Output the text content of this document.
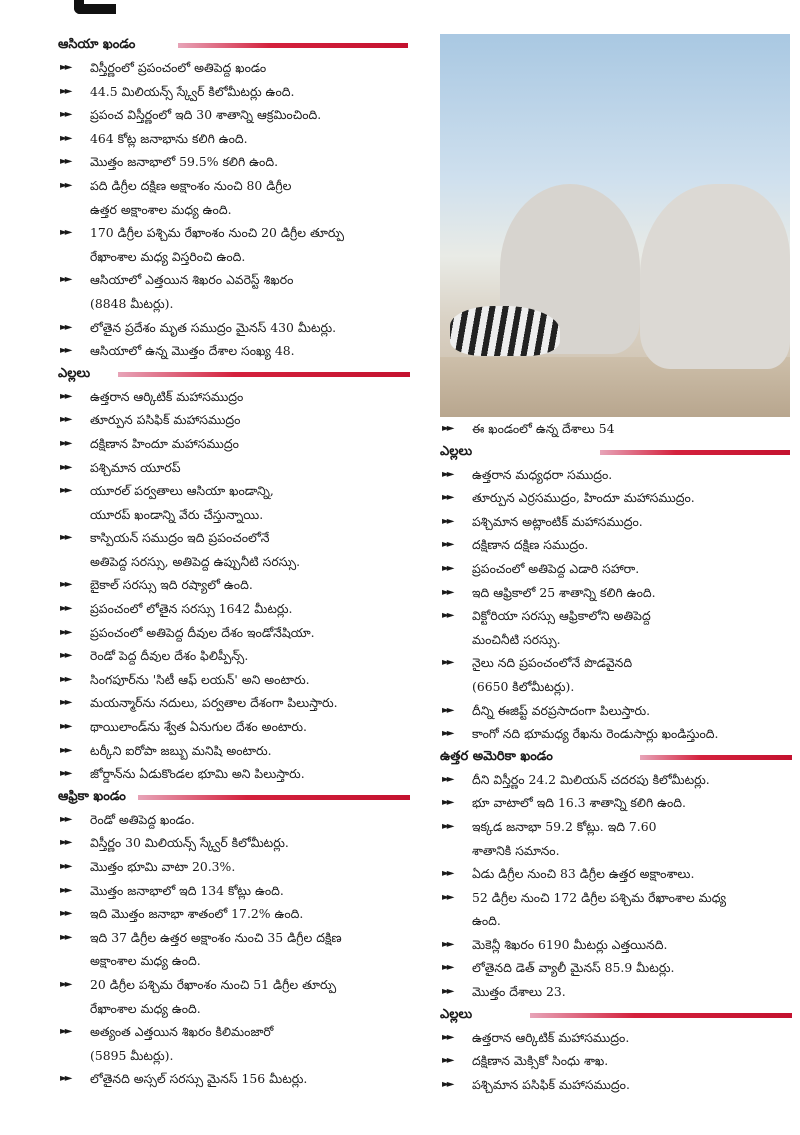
ఆసియా ఖండం
►► విస్తీర్ణంలో ప్రపంచంలో అతిపెద్ద ఖండం
►► 44.5 మిలియన్స్ స్క్వేర్ కిలోమీటర్లు ఉంది.
►► ప్రపంచ విస్తీర్ణంలో ఇది 30 శాతాన్ని ఆక్రమించింది.
►► 464 కోట్ల జనాభాను కలిగి ఉంది.
►► మొత్తం జనాభాలో 59.5% కలిగి ఉంది.
►► పది డిగ్రీల దక్షిణ అక్షాంశం నుంచి 80 డిగ్రీల
ఉత్తర అక్షాంశాల మధ్య ఉంది.
►► 170 డిగ్రీల పశ్చిమ రేఖాంశం నుంచి 20 డిగ్రీల తూర్పు
రేఖాంశాల మధ్య విస్తరించి ఉంది.
►► ఆసియాలో ఎత్తయిన శిఖరం ఎవరెస్ట్ శిఖరం
(8848 మీటర్లు).
►► లోతైన ప్రదేశం మృత సముద్రం మైనస్ 430 మీటర్లు.
►► ఆసియాలో ఉన్న మొత్తం దేశాల సంఖ్య 48.
ఎల్లలు
►► ఉత్తరాన ఆర్కిటిక్ మహాసముద్రం
►► తూర్పున పసిఫిక్ మహాసముద్రం
►► దక్షిణాన హిందూ మహాసముద్రం
►► పశ్చిమాన యూరప్
►► యూరల్ పర్వతాలు ఆసియా ఖండాన్ని,
యూరప్ ఖండాన్ని వేరు చేస్తున్నాయి.
►► కాస్పియన్ సముద్రం ఇది ప్రపంచంలోనే
అతిపెద్ద సరస్సు, అతిపెద్ద ఉప్పునీటి సరస్సు.
►► బైకాల్ సరస్సు ఇది రష్యాలో ఉంది.
►► ప్రపంచంలో లోతైన సరస్సు 1642 మీటర్లు.
►► ప్రపంచంలో అతిపెద్ద దీవుల దేశం ఇండోనేషియా.
►► రెండో పెద్ద దీవుల దేశం ఫిలిప్పీన్స్.
►► సింగపూర్‌ను 'సిటీ ఆఫ్ లయన్' అని అంటారు.
►► మయన్మార్‌ను నదులు, పర్వతాల దేశంగా పిలుస్తారు.
►► థాయిలాండ్‌ను శ్వేత ఏనుగుల దేశం అంటారు.
►► టర్కీని ఐరోపా జబ్బు మనిషి అంటారు.
►► జోర్డాన్‌ను ఏడుకొండల భూమి అని పిలుస్తారు.
ఆఫ్రికా ఖండం
►► రెండో అతిపెద్ద ఖండం.
►► విస్తీర్ణం 30 మిలియన్స్ స్క్వేర్ కిలోమీటర్లు.
►► మొత్తం భూమి వాటా 20.3%.
►► మొత్తం జనాభాలో ఇది 134 కోట్లు ఉంది.
►► ఇది మొత్తం జనాభా శాతంలో 17.2% ఉంది.
►► ఇది 37 డిగ్రీల ఉత్తర అక్షాంశం నుంచి 35 డిగ్రీల దక్షిణ
అక్షాంశాల మధ్య ఉంది.
►► 20 డిగ్రీల పశ్చిమ రేఖాంశం నుంచి 51 డిగ్రీల తూర్పు
రేఖాంశాల మధ్య ఉంది.
►► అత్యంత ఎత్తయిన శిఖరం కిలిమంజారో
(5895 మీటర్లు).
►► లోతైనది అస్సల్ సరస్సు మైనస్ 156 మీటర్లు.
►► ఈ ఖండంలో ఉన్న దేశాలు 54
ఎల్లలు
►► ఉత్తరాన మధ్యధరా సముద్రం.
►► తూర్పున ఎర్రసముద్రం, హిందూ మహాసముద్రం.
►► పశ్చిమాన అట్లాంటిక్ మహాసముద్రం.
►► దక్షిణాన దక్షిణ సముద్రం.
►► ప్రపంచంలో అతిపెద్ద ఎడారి సహారా.
►► ఇది ఆఫ్రికాలో 25 శాతాన్ని కలిగి ఉంది.
►► విక్టోరియా సరస్సు ఆఫ్రికాలోని అతిపెద్ద
మంచినీటి సరస్సు.
►► నైలు నది ప్రపంచంలోనే పొడవైనది
(6650 కిలోమీటర్లు).
►► దీన్ని ఈజిప్ట్ వరప్రసాదంగా పిలుస్తారు.
►► కాంగో నది భూమధ్య రేఖను రెండుసార్లు ఖండిస్తుంది.
ఉత్తర అమెరికా ఖండం
►► దీని విస్తీర్ణం 24.2 మిలియన్ చదరపు కిలోమీటర్లు.
►► భూ వాటాలో ఇది 16.3 శాతాన్ని కలిగి ఉంది.
►► ఇక్కడ జనాభా 59.2 కోట్లు. ఇది 7.60
శాతానికి సమానం.
►► ఏడు డిగ్రీల నుంచి 83 డిగ్రీల ఉత్తర అక్షాంశాలు.
►► 52 డిగ్రీల నుంచి 172 డిగ్రీల పశ్చిమ రేఖాంశాల మధ్య
ఉంది.
►► మెకెన్లీ శిఖరం 6190 మీటర్లు ఎత్తయినది.
►► లోతైనది డెత్ వ్యాలీ మైనస్ 85.9 మీటర్లు.
►► మొత్తం దేశాలు 23.
ఎల్లలు
►► ఉత్తరాన ఆర్కిటిక్ మహాసముద్రం.
►► దక్షిణాన మెక్సికో సింధు శాఖ.
►► పశ్చిమాన పసిఫిక్ మహాసముద్రం.
